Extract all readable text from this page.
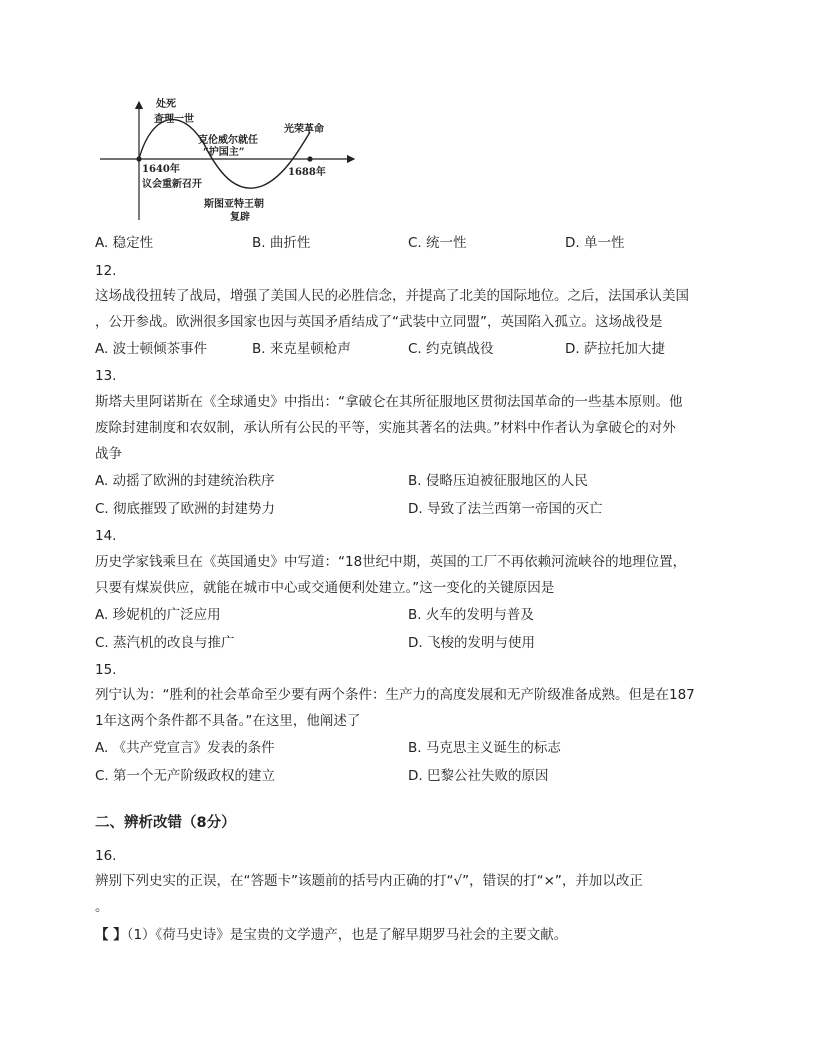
处死
查理一世
克伦威尔就任
“护国主”
光荣革命
1640年
议会重新召开
1688年
斯图亚特王朝
复辟
A. 稳定性	B. 曲折性	C. 统一性	D. 单一性
12.
这场战役扭转了战局，增强了美国人民的必胜信念，并提高了北美的国际地位。之后，法国承认美国
，公开参战。欧洲很多国家也因与英国矛盾结成了“武装中立同盟”，英国陷入孤立。这场战役是
A. 波士顿倾茶事件	B. 来克星顿枪声	C. 约克镇战役	D. 萨拉托加大捷
13.
斯塔夫里阿诺斯在《全球通史》中指出：“拿破仑在其所征服地区贯彻法国革命的一些基本原则。他
废除封建制度和农奴制，承认所有公民的平等，实施其著名的法典。”材料中作者认为拿破仑的对外
战争
A. 动摇了欧洲的封建统治秩序	B. 侵略压迫被征服地区的人民
C. 彻底摧毁了欧洲的封建势力	D. 导致了法兰西第一帝国的灭亡
14.
历史学家钱乘旦在《英国通史》中写道：“18世纪中期，英国的工厂不再依赖河流峡谷的地理位置，
只要有煤炭供应，就能在城市中心或交通便利处建立。”这一变化的关键原因是
A. 珍妮机的广泛应用	B. 火车的发明与普及
C. 蒸汽机的改良与推广	D. 飞梭的发明与使用
15.
列宁认为：“胜利的社会革命至少要有两个条件：生产力的高度发展和无产阶级准备成熟。但是在187
1年这两个条件都不具备。”在这里，他阐述了
A. 《共产党宣言》发表的条件	B. 马克思主义诞生的标志
C. 第一个无产阶级政权的建立	D. 巴黎公社失败的原因
二、辨析改错（8分）
16.
辨别下列史实的正误，在“答题卡”该题前的括号内正确的打“√”，错误的打“×”，并加以改正
。
【 】（1）《荷马史诗》是宝贵的文学遗产，也是了解早期罗马社会的主要文献。
